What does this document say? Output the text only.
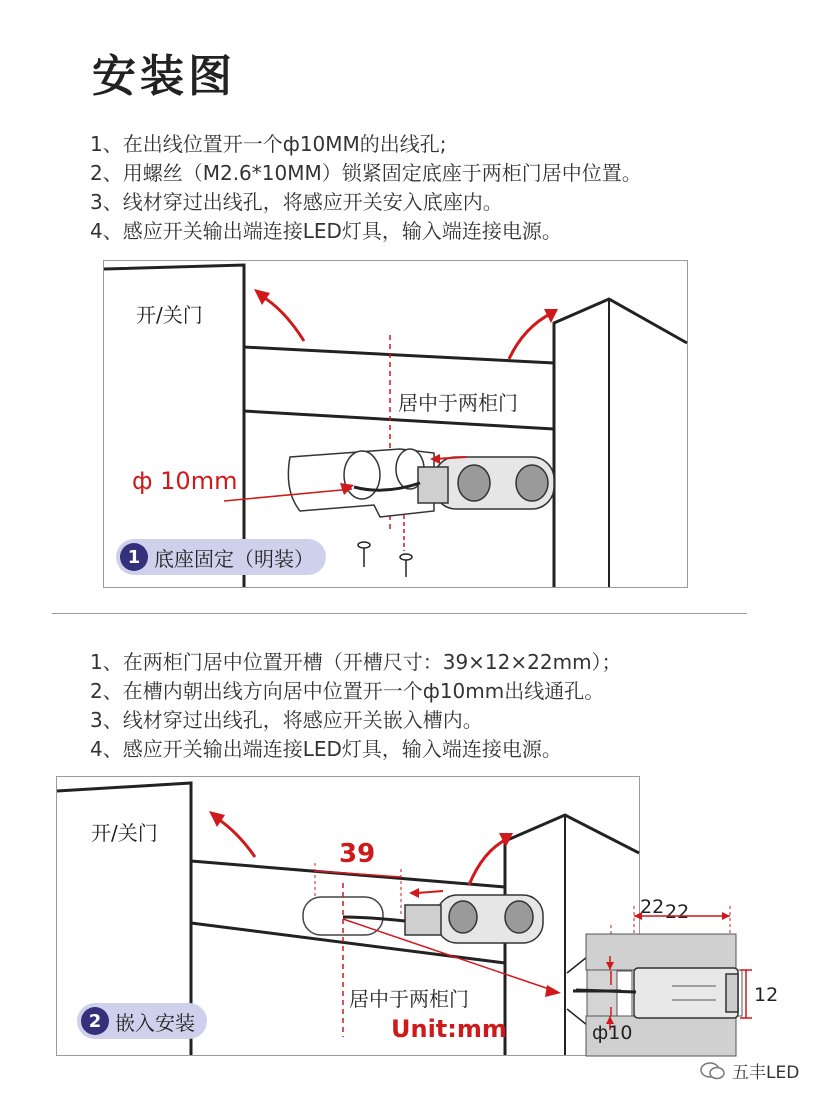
安装图
1、在出线位置开一个ф10MM的出线孔;
2、用螺丝（M2.6*10MM）锁紧固定底座于两柜门居中位置。
3、线材穿过出线孔，将感应开关安入底座内。
4、感应开关输出端连接LED灯具，输入端连接电源。
开/关门
居中于两柜门
ф 10mm
1 底座固定（明装）
1、在两柜门居中位置开槽（开槽尺寸：39×12×22mm）；
2、在槽内朝出线方向居中位置开一个ф10mm出线通孔。
3、线材穿过出线孔，将感应开关嵌入槽内。
4、感应开关输出端连接LED灯具，输入端连接电源。
开/关门
39
居中于两柜门
Unit:mm
22
2 嵌入安装
22
12
ф10
五丰LED
